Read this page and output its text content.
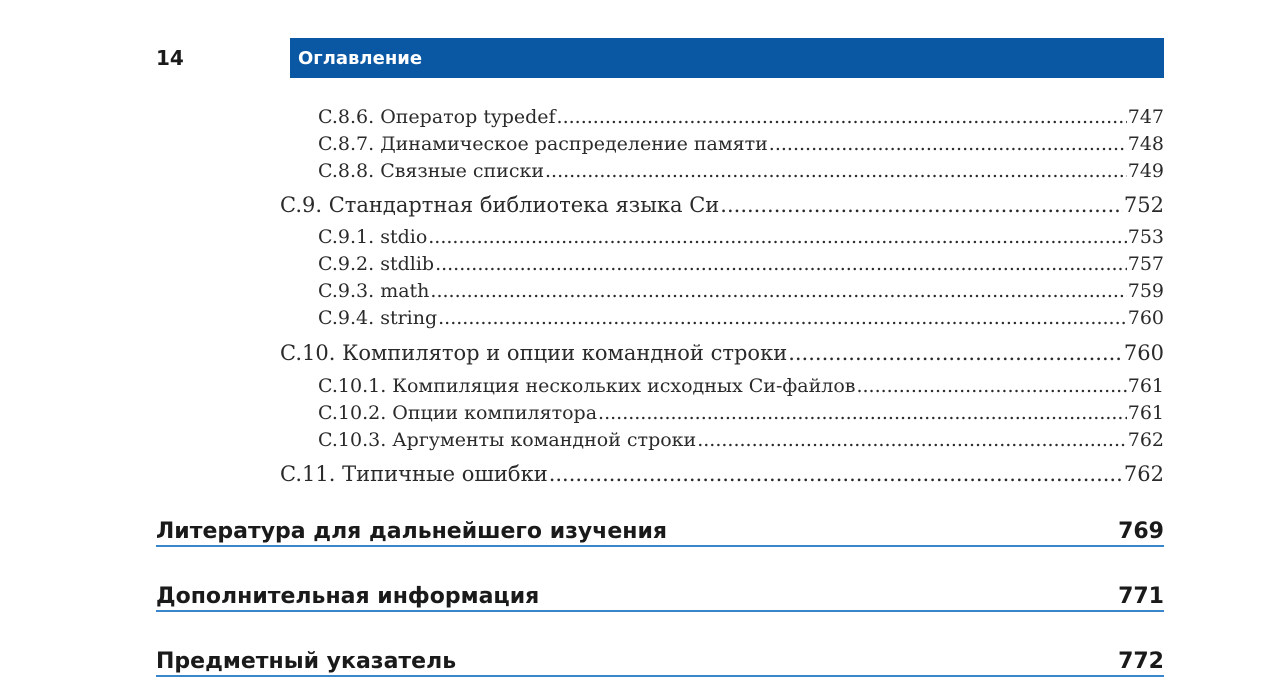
14	Оглавление
C.8.6. Оператор typedef .....	747
C.8.7. Динамическое распределение памяти .....	748
C.8.8. Связные списки .....	749
C.9. Стандартная библиотека языка Си .....	752
C.9.1. stdio .....	753
C.9.2. stdlib .....	757
C.9.3. math .....	759
C.9.4. string .....	760
C.10. Компилятор и опции командной строки .....	760
C.10.1. Компиляция нескольких исходных Си-файлов .....	761
C.10.2. Опции компилятора .....	761
C.10.3. Аргументы командной строки .....	762
C.11. Типичные ошибки .....	762
Литература для дальнейшего изучения	769
Дополнительная информация	771
Предметный указатель	772
